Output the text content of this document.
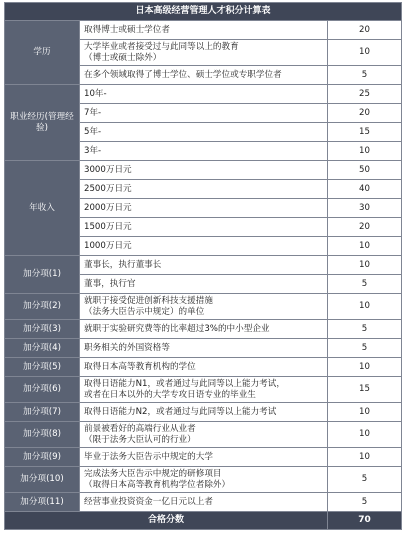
日本高级经营管理人才积分计算表		
学历	取得博士或硕士学位者	20

	大学毕业或者接受过与此同等以上的教育
（博士或硕士除外）	10

	在多个领域取得了博士学位、硕士学位或专职学位者	5
职业经历(管理经验)	10年-	25

	7年-	20

	5年-	15

	3年-	10
年收入	3000万日元	50

	2500万日元	40

	2000万日元	30

	1500万日元	20

	1000万日元	10
加分项(1)	董事长，执行董事长	10

	董事，执行官	5
加分项(2)	就职于接受促进创新科技支援措施
（法务大臣告示中规定）的单位	10
加分项(3)	就职于实验研究费等的比率超过3%的中小型企业	5
加分项(4)	职务相关的外国资格等	5
加分项(5)	取得日本高等教育机构的学位	10
加分项(6)	取得日语能力N1，或者通过与此同等以上能力考试，
或者在日本以外的大学专攻日语专业的毕业生	15
加分项(7)	取得日语能力N2，或者通过与此同等以上能力考试	10
加分项(8)	前景被看好的高端行业从业者
（限于法务大臣认可的行业）	10
加分项(9)	毕业于法务大臣告示中规定的大学	10
加分项(10)	完成法务大臣告示中规定的研修项目
（取得日本高等教育机构学位者除外）	5
加分项(11)	经营事业投资资金一亿日元以上者	5
合格分数		70
